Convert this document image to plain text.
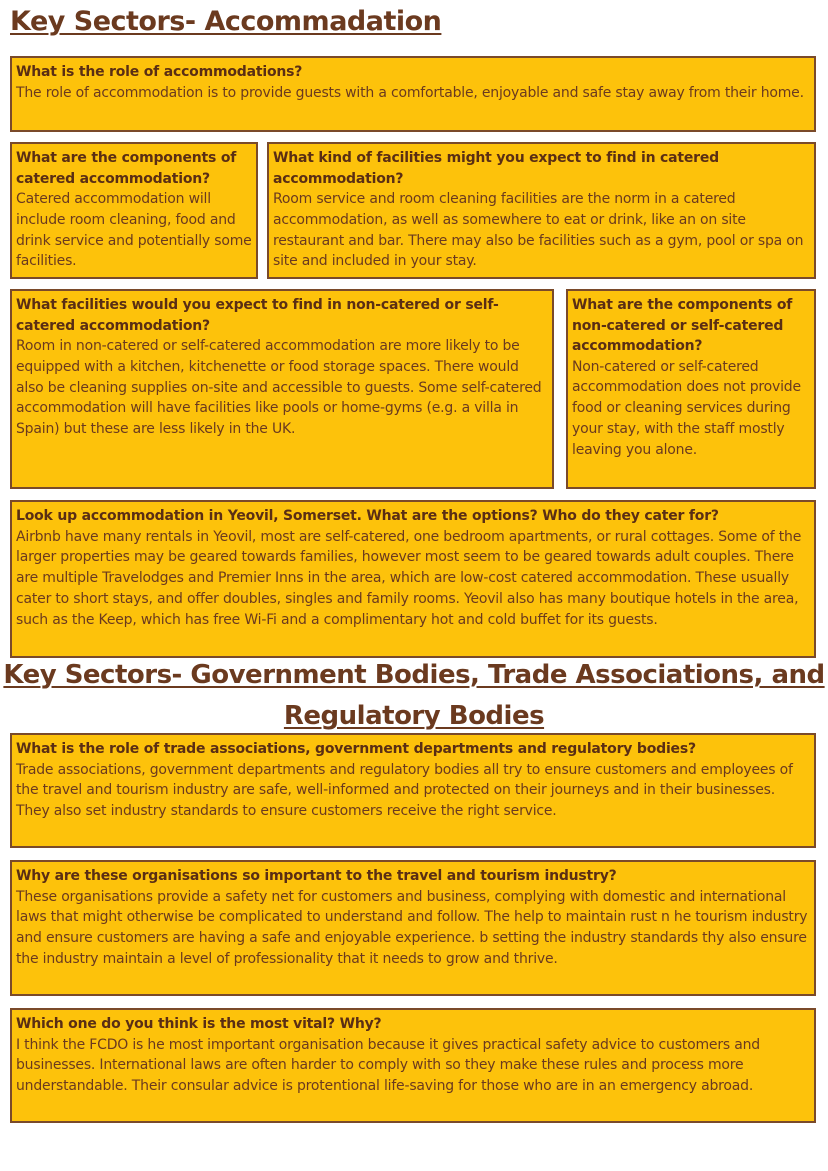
Key Sectors- Accommadation
What is the role of accommodations?
The role of accommodation is to provide guests with a comfortable, enjoyable and safe stay away from their home.
What are the components of catered accommodation?
Catered accommodation will include room cleaning, food and drink service and potentially some facilities.
What kind of facilities might you expect to find in catered accommodation?
Room service and room cleaning facilities are the norm in a catered accommodation, as well as somewhere to eat or drink, like an on site restaurant and bar. There may also be facilities such as a gym, pool or spa on site and included in your stay.
What facilities would you expect to find in non-catered or self-catered accommodation?
Room in non-catered or self-catered accommodation are more likely to be equipped with a kitchen, kitchenette or food storage spaces. There would also be cleaning supplies on-site and accessible to guests. Some self-catered accommodation will have facilities like pools or home-gyms (e.g. a villa in Spain) but these are less likely in the UK.
What are the components of non-catered or self-catered accommodation?
Non-catered or self-catered accommodation does not provide food or cleaning services during your stay, with the staff mostly leaving you alone.
Look up accommodation in Yeovil, Somerset. What are the options? Who do they cater for?
Airbnb have many rentals in Yeovil, most are self-catered, one bedroom apartments, or rural cottages. Some of the larger properties may be geared towards families, however most seem to be geared towards adult couples. There are multiple Travelodges and Premier Inns in the area, which are low-cost catered accommodation. These usually cater to short stays, and offer doubles, singles and family rooms. Yeovil also has many boutique hotels in the area, such as the Keep, which has free Wi-Fi and a complimentary hot and cold buffet for its guests.
Key Sectors- Government Bodies, Trade Associations, and Regulatory Bodies
What is the role of trade associations, government departments and regulatory bodies?
Trade associations, government departments and regulatory bodies all try to ensure customers and employees of the travel and tourism industry are safe, well-informed and protected on their journeys and in their businesses. They also set industry standards to ensure customers receive the right service.
Why are these organisations so important to the travel and tourism industry?
These organisations provide a safety net for customers and business, complying with domestic and international laws that might otherwise be complicated to understand and follow. The help to maintain rust n he tourism industry and ensure customers are having a safe and enjoyable experience. b setting the industry standards thy also ensure the industry maintain a level of professionality that it needs to grow and thrive.
Which one do you think is the most vital? Why?
I think the FCDO is he most important organisation because it gives practical safety advice to customers and businesses. International laws are often harder to comply with so they make these rules and process more understandable. Their consular advice is protentional life-saving for those who are in an emergency abroad.
